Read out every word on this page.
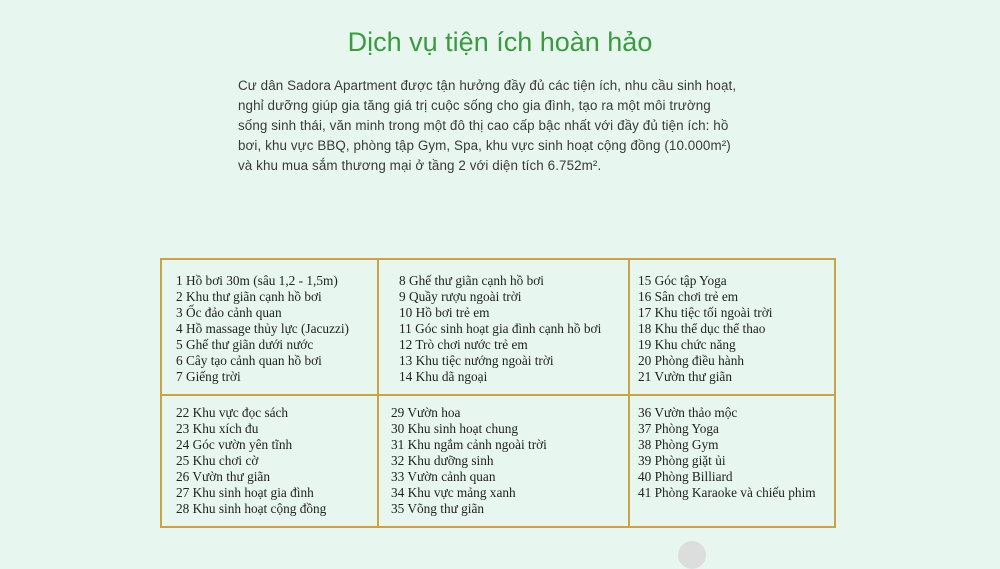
Dịch vụ tiện ích hoàn hảo

Cư dân Sadora Apartment được tận hưởng đầy đủ các tiện ích, nhu cầu sinh hoạt,

nghỉ dưỡng giúp gia tăng giá trị cuộc sống cho gia đình, tạo ra một môi trường

sống sinh thái, văn minh trong một đô thị cao cấp bậc nhất với đầy đủ tiện ích: hồ

bơi, khu vực BBQ, phòng tập Gym, Spa, khu vực sinh hoạt cộng đồng (10.000m²)

và khu mua sắm thương mại ở tầng 2 với diện tích 6.752m².

1 Hồ bơi 30m (sâu 1,2 - 1,5m)
2 Khu thư giãn cạnh hồ bơi
3 Ốc đảo cảnh quan
4 Hồ massage thủy lực (Jacuzzi)
5 Ghế thư giãn dưới nước
6 Cây tạo cảnh quan hồ bơi
7 Giếng trời
8 Ghế thư giãn cạnh hồ bơi
9 Quầy rượu ngoài trời
10 Hồ bơi trẻ em
11 Góc sinh hoạt gia đình cạnh hồ bơi
12 Trò chơi nước trẻ em
13 Khu tiệc nướng ngoài trời
14 Khu dã ngoại
15 Góc tập Yoga
16 Sân chơi trẻ em
17 Khu tiệc tối ngoài trời
18 Khu thể dục thể thao
19 Khu chức năng
20 Phòng điều hành
21 Vườn thư giãn
22 Khu vực đọc sách
23 Khu xích đu
24 Góc vườn yên tĩnh
25 Khu chơi cờ
26 Vườn thư giãn
27 Khu sinh hoạt gia đình
28 Khu sinh hoạt cộng đồng
29 Vườn hoa
30 Khu sinh hoạt chung
31 Khu ngắm cảnh ngoài trời
32 Khu dưỡng sinh
33 Vườn cảnh quan
34 Khu vực mảng xanh
35 Võng thư giãn
36 Vườn thảo mộc
37 Phòng Yoga
38 Phòng Gym
39 Phòng giặt ủi
40 Phòng Billiard
41 Phòng Karaoke và chiếu phim
